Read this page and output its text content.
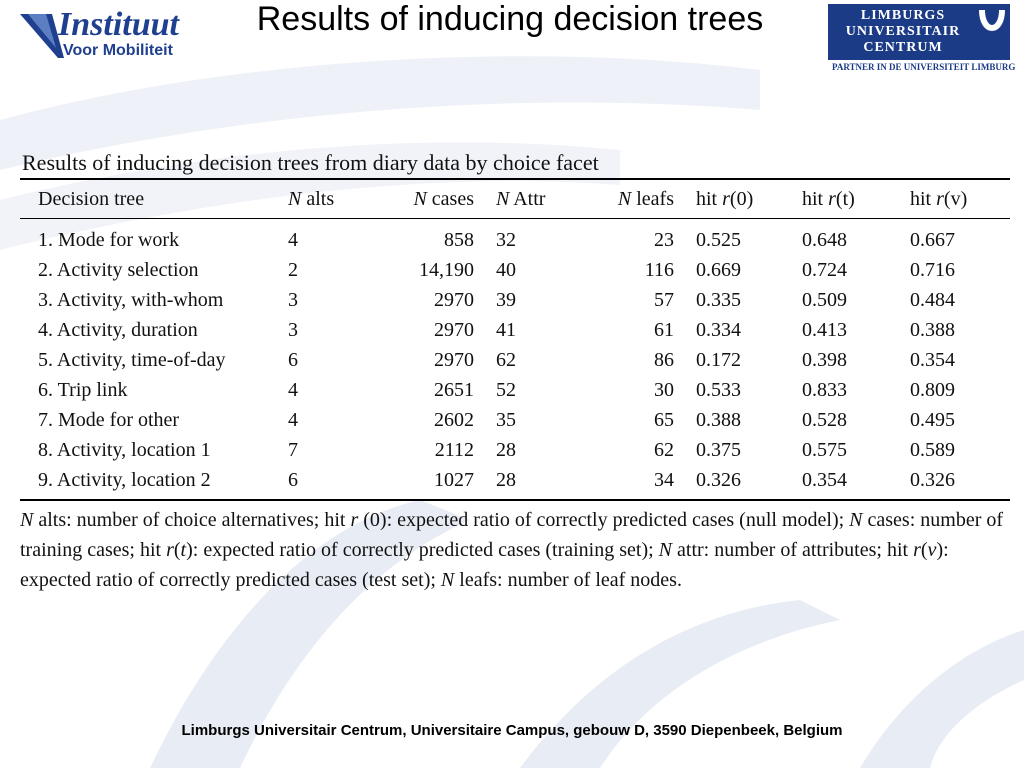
Instituut
Voor Mobiliteit
Results of inducing decision trees	LIMBURGS
UNIVERSITAIR
CENTRUM
PARTNER IN DE UNIVERSITEIT LIMBURG
Results of inducing decision trees from diary data by choice facet
Decision tree	N alts	N cases	N Attr	N leafs	hit r(0)	hit r(t)	hit r(v)
1. Mode for work	4	858	32	23	0.525	0.648	0.667
2. Activity selection	2	14,190	40	116	0.669	0.724	0.716
3. Activity, with-whom	3	2970	39	57	0.335	0.509	0.484
4. Activity, duration	3	2970	41	61	0.334	0.413	0.388
5. Activity, time-of-day	6	2970	62	86	0.172	0.398	0.354
6. Trip link	4	2651	52	30	0.533	0.833	0.809
7. Mode for other	4	2602	35	65	0.388	0.528	0.495
8. Activity, location 1	7	2112	28	62	0.375	0.575	0.589
9. Activity, location 2	6	1027	28	34	0.326	0.354	0.326
N alts: number of choice alternatives; hit r (0): expected ratio of correctly predicted cases (null model); N cases: number of training cases; hit r(t): expected ratio of correctly predicted cases (training set); N attr: number of attributes; hit r(v): expected ratio of correctly predicted cases (test set); N leafs: number of leaf nodes.
Limburgs Universitair Centrum, Universitaire Campus, gebouw D, 3590 Diepenbeek, Belgium
